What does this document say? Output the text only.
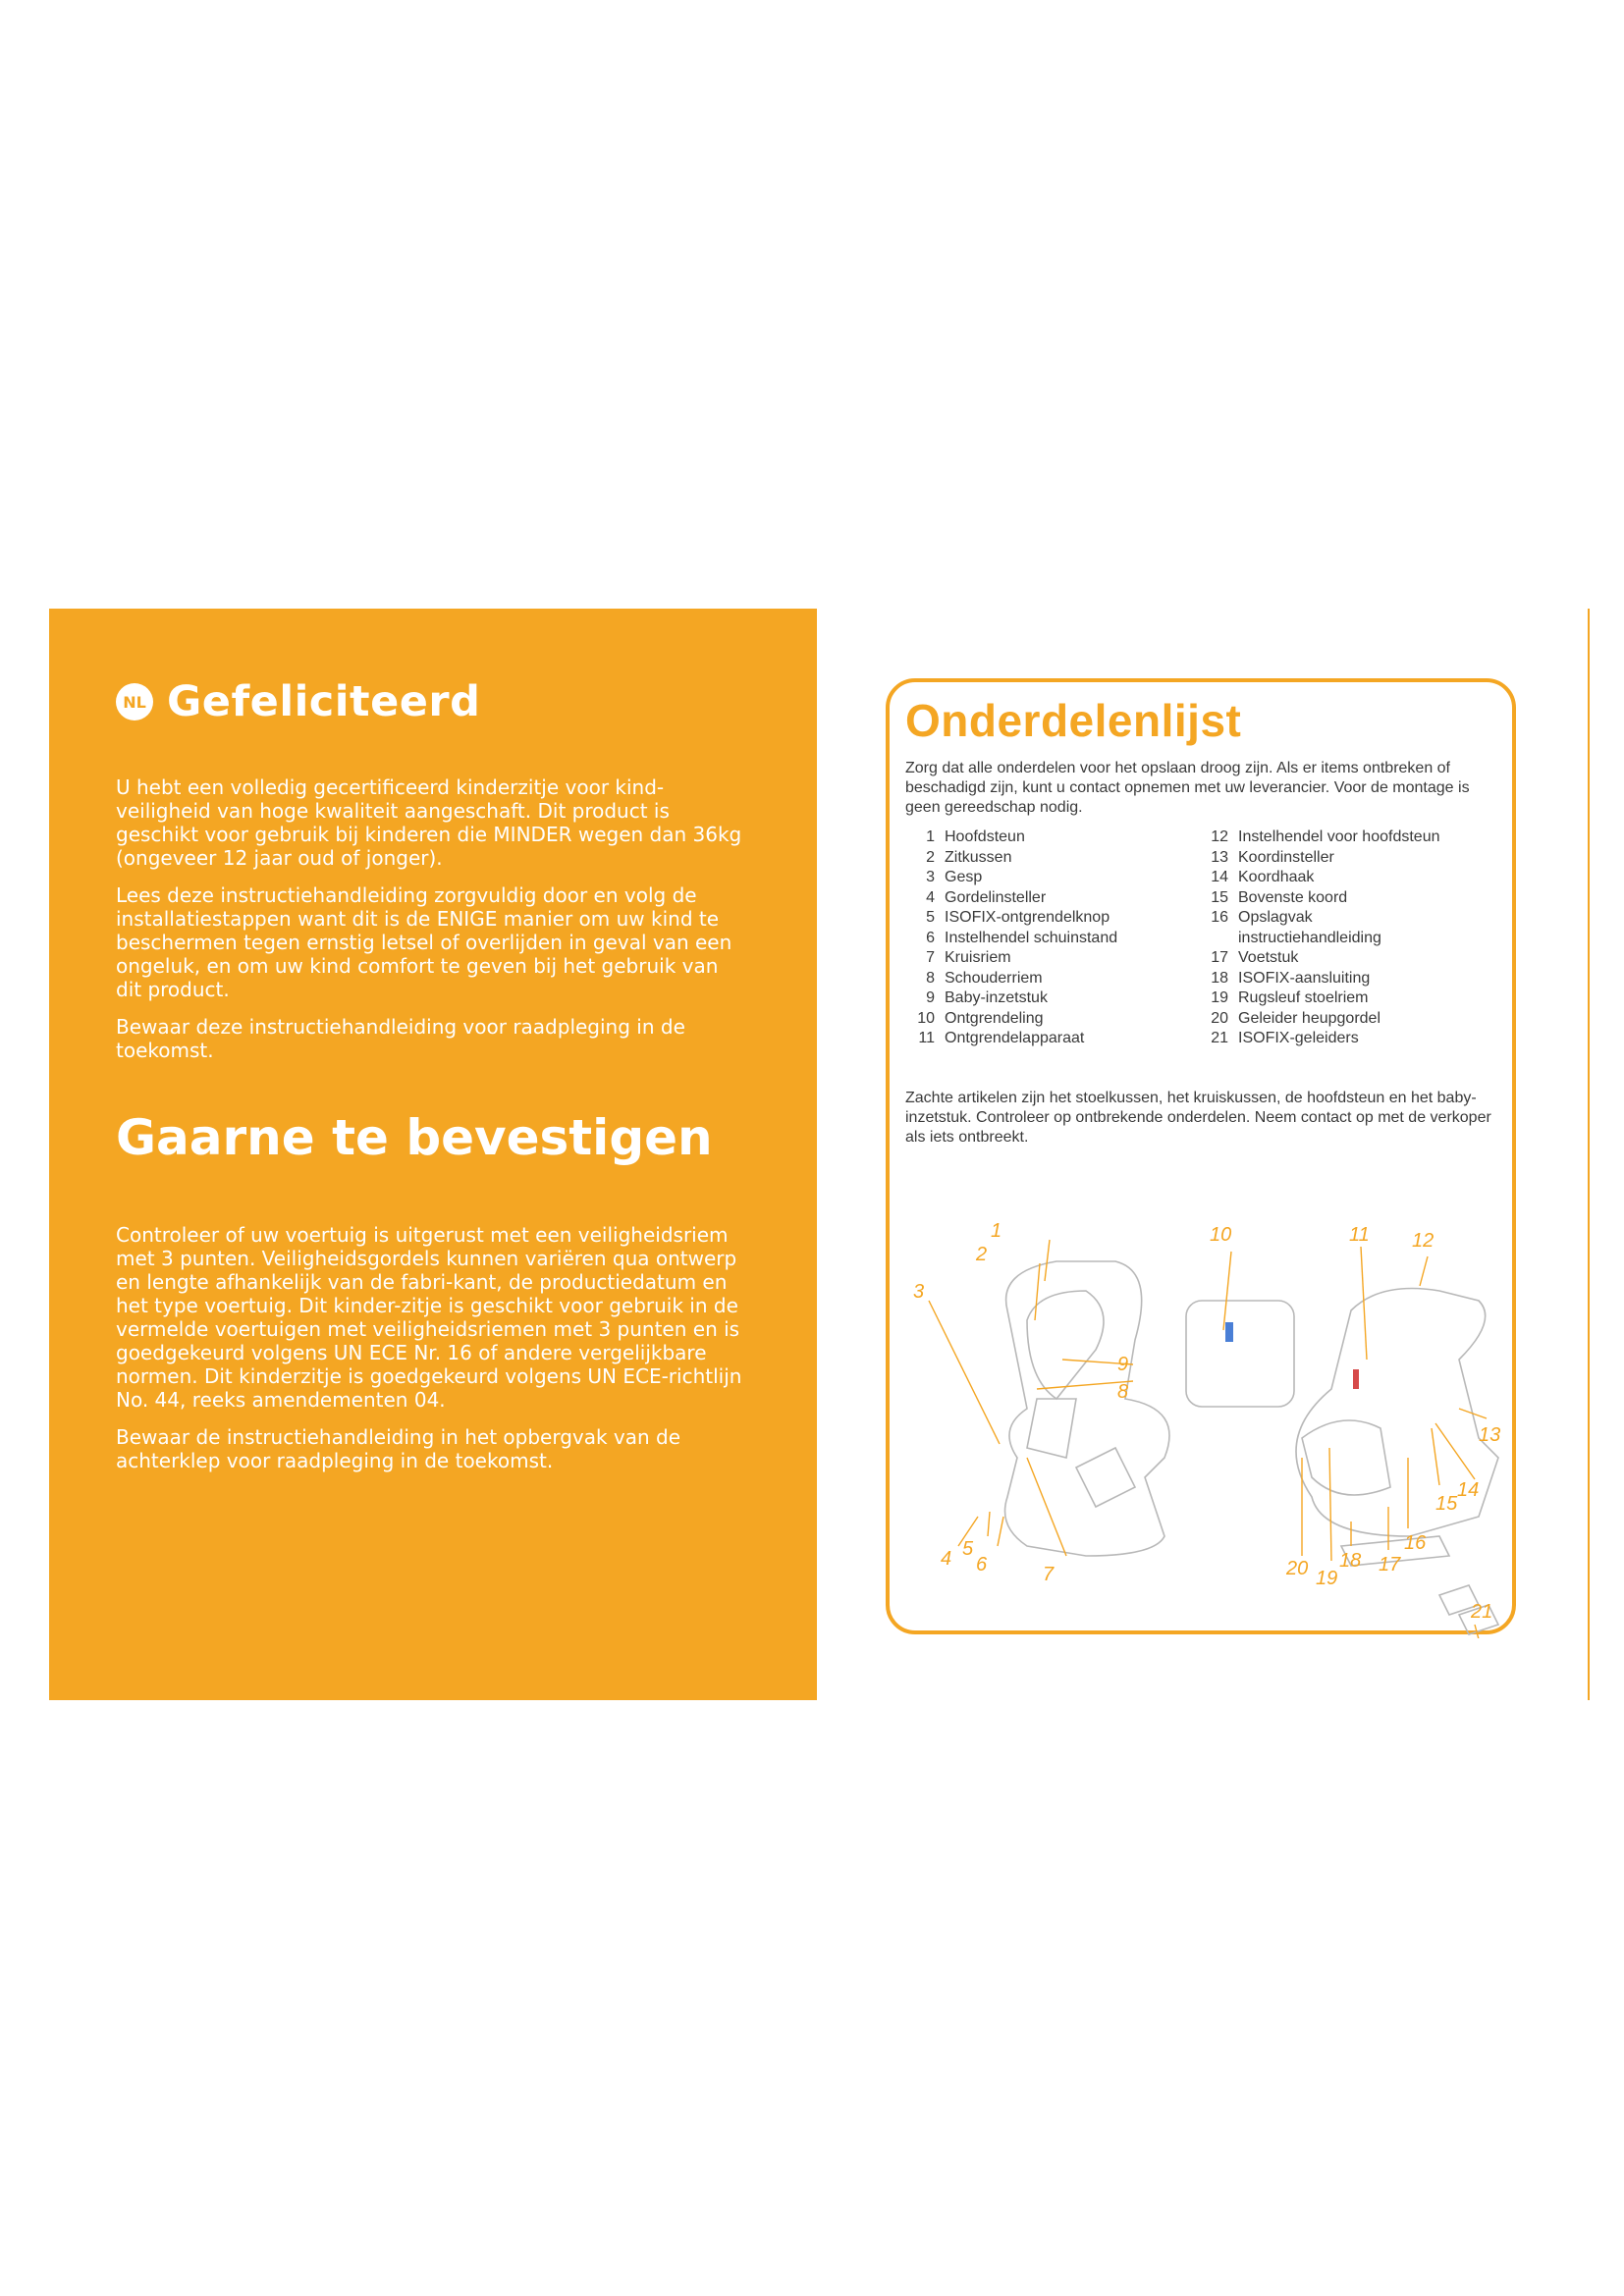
NL Gefeliciteerd

U hebt een volledig gecertificeerd kinderzitje voor kind-veiligheid van hoge kwaliteit aangeschaft. Dit product is geschikt voor gebruik bij kinderen die MINDER wegen dan 36kg (ongeveer 12 jaar oud of jonger).

Lees deze instructiehandleiding zorgvuldig door en volg de installatiestappen want dit is de ENIGE manier om uw kind te beschermen tegen ernstig letsel of overlijden in geval van een ongeluk, en om uw kind comfort te geven bij het gebruik van dit product.

Bewaar deze instructiehandleiding voor raadpleging in de toekomst.

Gaarne te bevestigen

Controleer of uw voertuig is uitgerust met een veiligheidsriem met 3 punten. Veiligheidsgordels kunnen variëren qua ontwerp en lengte afhankelijk van de fabri-kant, de productiedatum en het type voertuig. Dit kinder-zitje is geschikt voor gebruik in de vermelde voertuigen met veiligheidsriemen met 3 punten en is goedgekeurd volgens UN ECE Nr. 16 of andere vergelijkbare normen. Dit kinderzitje is goedgekeurd volgens UN ECE-richtlijn No. 44, reeks amendementen 04.

Bewaar de instructiehandleiding in het opbergvak van de achterklep voor raadpleging in de toekomst.

Onderdelenlijst
Zorg dat alle onderdelen voor het opslaan droog zijn. Als er items ontbreken of beschadigd zijn, kunt u contact opnemen met uw leverancier. Voor de montage is geen gereedschap nodig.
1 Hoofdsteun
2 Zitkussen
3 Gesp
4 Gordelinsteller
5 ISOFIX-ontgrendelknop
6 Instelhendel schuinstand
7 Kruisriem
8 Schouderriem
9 Baby-inzetstuk
10 Ontgrendeling
11 Ontgrendelapparaat
12 Instelhendel voor hoofdsteun
13 Koordinsteller
14 Koordhaak
15 Bovenste koord
16 Opslagvak
instructiehandleiding
17 Voetstuk
18 ISOFIX-aansluiting
19 Rugsleuf stoelriem
20 Geleider heupgordel
21 ISOFIX-geleiders
Zachte artikelen zijn het stoelkussen, het kruiskussen, de hoofdsteun en het baby-inzetstuk. Controleer op ontbrekende onderdelen. Neem contact op met de verkoper als iets ontbreekt.
1
2
3
4 5
6	7
8
9
10	11 12
13
14
15
16
17
18
19
20
21
